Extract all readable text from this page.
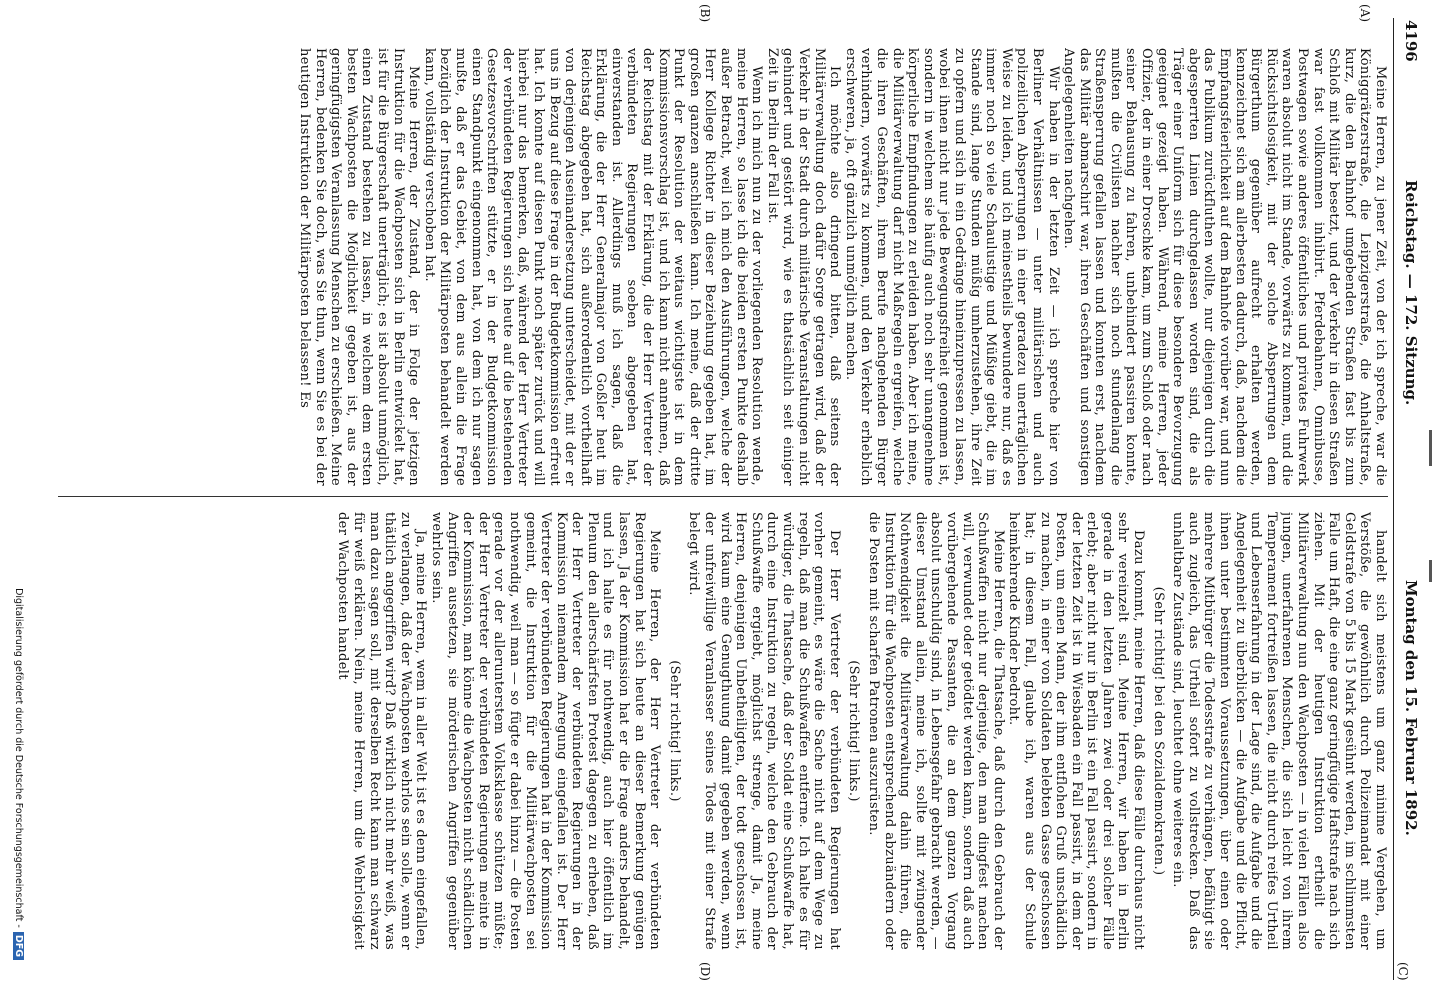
4196
Reichstag. — 172. Sitzung.
Montag den 15. Februar 1892.
(A)
(B)
(C)
(D)

Meine Herren, zu jener Zeit, von der ich spreche, war die Königgrätzerstraße, die Leipzigerstraße, die Anhaltstraße, kurz, die den Bahnhof umgebenden Straßen fast bis zum Schloß mit Militär besetzt, und der Verkehr in diesen Straßen war fast vollkommen inhibirt. Pferdebahnen, Omnibusse, Postwagen sowie anderes öffentliches und privates Fuhrwerk waren absolut nicht im Stande, vorwärts zu kommen, und die Rücksichtslosigkeit, mit der solche Absperrungen dem Bürgerthum gegenüber aufrecht erhalten werden, kennzeichnet sich am allerbesten dadurch, daß, nachdem die Empfangsfeierlichkeit auf dem Bahnhofe vorüber war, und nun das Publikum zurückfluthen wollte, nur diejenigen durch die abgesperrten Linien durchgelassen worden sind, die als Träger einer Uniform sich für diese besondere Bevorzugung geeignet gezeigt haben. Während, meine Herren, jeder Offizier, der in einer Droschke kam, um zum Schloß oder nach seiner Behausung zu fahren, unbehindert passiren konnte, mußten die Civilisten nachher sich noch stundenlang die Straßensperrung gefallen lassen und konnten erst, nachdem das Militär abmarschirt war, ihren Geschäften und sonstigen Angelegenheiten nachgehen.

Wir haben in der letzten Zeit — ich spreche hier von Berliner Verhältnissen — unter militärischen und auch polizeilichen Absperrungen in einer geradezu unerträglichen Weise zu leiden, und ich meinestheils bewundere nur, daß es immer noch so viele Schaulustige und Müßige giebt, die im Stande sind, lange Stunden müßig umherzustehen, ihre Zeit zu opfern und sich in ein Gedränge hineinzupressen zu lassen, wobei ihnen nicht nur jede Bewegungsfreiheit genommen ist, sondern in welchem sie häufig auch noch sehr unangenehme körperliche Empfindungen zu erleiden haben. Aber ich meine, die Militärverwaltung darf nicht Maßregeln ergreifen, welche die ihren Geschäften, ihrem Berufe nachgehenden Bürger verhindern, vorwärts zu kommen, und den Verkehr erheblich erschweren, ja, oft gänzlich unmöglich machen.

Ich möchte also dringend bitten, daß seitens der Militärverwaltung doch dafür Sorge getragen wird, daß der Verkehr in der Stadt durch militärische Veranstaltungen nicht gehindert und gestört wird, wie es thatsächlich seit einiger Zeit in Berlin der Fall ist.

Wenn ich mich nun zu der vorliegenden Resolution wende, meine Herren, so lasse ich die beiden ersten Punkte deshalb außer Betracht, weil ich mich den Ausführungen, welche der Herr Kollege Richter in dieser Beziehung gegeben hat, im großen ganzen anschließen kann. Ich meine, daß der dritte Punkt der Resolution der weitaus wichtigste ist in dem Kommissionsvorschlag ist, und ich kann nicht annehmen, daß der Reichstag mit der Erklärung, die der Herr Vertreter der verbündeten Regierungen soeben abgegeben hat, einverstanden ist. Allerdings muß ich sagen, daß die Erklärung, die der Herr Generalmajor von Goßler heut im Reichstag abgegeben hat, sich außerordentlich vortheilhaft von derjenigen Auseinandersetzung unterscheidet, mit der er uns in Bezug auf diese Frage in der Budgetkommission erfreut hat. Ich konnte auf diesen Punkt noch später zurück und will hierbei nur das bemerken, daß, während der Herr Vertreter der verbündeten Regierungen sich heute auf die bestehenden Gesetzesvorschriften stützte, er in der Budgetkommission einen Standpunkt eingenommen hat, von dem ich nur sagen mußte, daß er das Gebiet, von dem aus allein die Frage bezüglich der Instruktion der Militärposten behandelt werden kann, vollständig verschoben hat.

Meine Herren, der Zustand, der in Folge der jetzigen Instruktion für die Wachposten sich in Berlin entwickelt hat, ist für die Bürgerschaft unerträglich; es ist absolut unmöglich, einen Zustand bestehen zu lassen, in welchem dem ersten besten Wachposten die Möglichkeit gegeben ist, aus der geringfügigsten Veranlassung Menschen zu erschießen. Meine Herren, bedenken Sie doch, was Sie thun, wenn Sie es bei der heutigen Instruktion der Militärposten belassen! Es

handelt sich meistens um ganz minime Vergehen, um Verstöße, die gewöhnlich durch Polizeimandat mit einer Geldstrafe von 5 bis 15 Mark gesühnt werden, im schlimmsten Falle um Haft, die eine ganz geringfügige Haftstrafe nach sich ziehen. Mit der heutigen Instruktion ertheilt die Militärverwaltung nun den Wachposten — in vielen Fällen also jungen, unerfahrenen Menschen, die sich leicht von ihrem Temperament fortreißen lassen, die nicht durch reifes Urtheil und Lebenserfahrung in der Lage sind, die Aufgabe und die Angelegenheit zu überblicken — die Aufgabe und die Pflicht, ihnen unter bestimmten Voraussetzungen, über einen oder mehrere Mitbürger die Todesstrafe zu verhängen, befähigt sie auch zugleich, das Urtheil sofort zu vollstrecken. Daß das unhaltbare Zustände sind, leuchtet ohne weiteres ein.

(Sehr richtig! bei den Sozialdemokraten.)

Dazu kommt, meine Herren, daß diese Fälle durchaus nicht sehr vereinzelt sind. Meine Herren, wir haben in Berlin gerade in den letzten Jahren zwei oder drei solcher Fälle erlebt; aber nicht nur in Berlin ist ein Fall passirt, sondern in der letzten Zeit ist in Wiesbaden ein Fall passirt, in dem der Posten, um einen Mann, der ihm entflohen Gruß unschädlich zu machen, in einer von Soldaten belebten Gasse geschossen hat; in diesem Fall, glaube ich, waren aus der Schule heimkehrende Kinder bedroht.

Meine Herren, die Thatsache, daß durch den Gebrauch der Schußwaffen nicht nur derjenige, den man dingfest machen will, verwundet oder getödtet werden kann, sondern daß auch vorübergehende Passanten, die an dem ganzen Vorgang absolut unschuldig sind, in Lebensgefahr gebracht werden, — dieser Umstand allein, meine ich, sollte mit zwingender Nothwendigkeit die Militärverwaltung dahin führen, die Instruktion für die Wachposten entsprechend abzuändern oder die Posten mit scharfen Patronen auszurüsten.

(Sehr richtig! links.)

Der Herr Vertreter der verbündeten Regierungen hat vorher gemeint, es wäre die Sache nicht auf dem Wege zu regeln, daß man die Schußwaffen entferne. Ich halte es für würdiger, die Thatsache, daß der Soldat eine Schußwaffe hat, durch eine Instruktion zu regeln, welche den Gebrauch der Schußwaffe ergiebt, möglichst strenge, damit Ja, meine Herren, denjenigen Unbetheiligten, der todt geschossen ist, wird kaum eine Genugthuung damit gegeben werden, wenn der unfreiwillige Veranlasser seines Todes mit einer Strafe belegt wird.

(Sehr richtig! links.)

Meine Herren, der Herr Vertreter der verbündeten Regierungen hat sich heute an dieser Bemerkung genügen lassen, Ja der Kommission hat er die Frage anders behandelt, und ich halte es für nothwendig, auch hier öffentlich im Plenum den allerschärfsten Protest dagegen zu erheben, daß der Herr Vertreter der verbündeten Regierungen in der Kommission niemandem Anregung eingefallen ist. Der Herr Vertreter der verbündeten Regierungen hat in der Kommission gemeint, die Instruktion für die Militärwachposten sei nothwendig, weil man — so fügte er dabei hinzu — die Posten gerade vor der allerunterstem Volksklasse schützen müßte; der Herr Vertreter der verbündeten Regierungen meinte in der Kommission, man könne die Wachposten nicht schädlichen Angriffen aussetzen, sie mörderischen Angriffen gegenüber wehrlos sein.

Ja, meine Herren, wem in aller Welt ist es denn eingefallen, zu verlangen, daß der Wachposten wehrlos sein solle, wenn er thätlich angegriffen wird? Daß wirklich nicht mehr weiß, was man dazu sagen soll, mit derselben Recht kann man schwarz für weiß erklären. Nein, meine Herren, um die Wehrlosigkeit der Wachposten handelt

Digitalisierung gefördert durch die Deutsche Forschungsgemeinschaft -DFG
